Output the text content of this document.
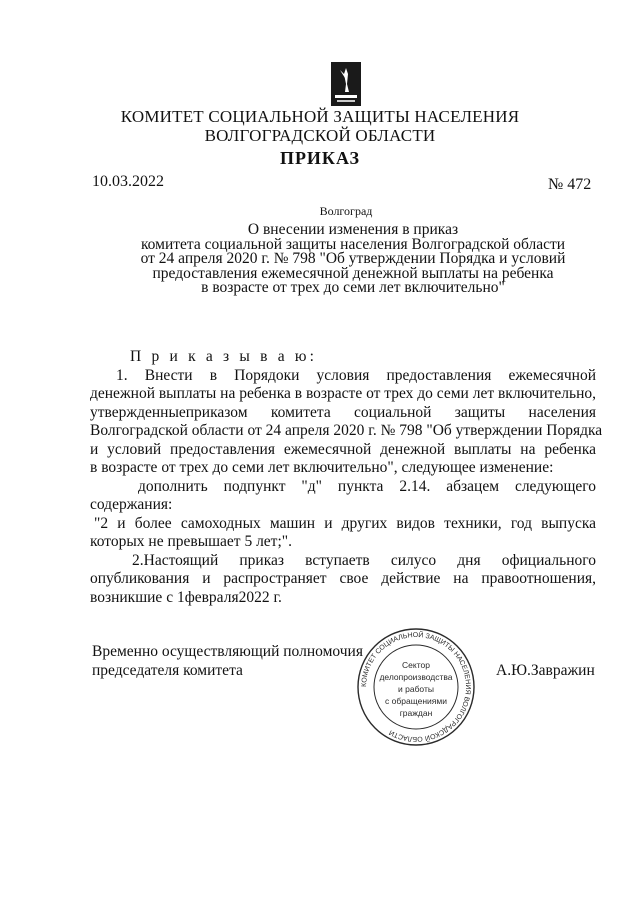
КОМИТЕТ СОЦИАЛЬНОЙ ЗАЩИТЫ НАСЕЛЕНИЯ
ВОЛГОГРАДСКОЙ ОБЛАСТИ
ПРИКАЗ
10.03.2022	№ 472
Волгоград
О внесении изменения в приказ
комитета социальной защиты населения Волгоградской области
от 24 апреля 2020 г. № 798 "Об утверждении Порядка и условий
предоставления ежемесячной денежной выплаты на ребенка
в возрасте от трех до семи лет включительно"
П р и к а з ы в а ю:
1. Внести в Порядоки условия предоставления ежемесячной
денежной выплаты на ребенка в возрасте от трех до семи лет включительно,
утвержденныеприказом комитета социальной защиты населения
Волгоградской области от 24 апреля 2020 г. № 798 "Об утверждении Порядка
и условий предоставления ежемесячной денежной выплаты на ребенка
в возрасте от трех до семи лет включительно", следующее изменение:
дополнить подпункт "д" пункта 2.14. абзацем следующего
содержания:
"2 и более самоходных машин и других видов техники, год выпуска
которых не превышает 5 лет;".
2.Настоящий приказ вступаетв силусо дня официального
опубликования и распространяет свое действие на правоотношения,
возникшие с 1февраля2022 г.
Временно осуществляющий полномочия
председателя комитета	А.Ю.Завражин
КОМИТЕТ СОЦИАЛЬНОЙ ЗАЩИТЫ НАСЕЛЕНИЯ ВОЛГОГРАДСКОЙ ОБЛАСТИ
Сектор
делопроизводства
и работы
с обращениями
граждан
